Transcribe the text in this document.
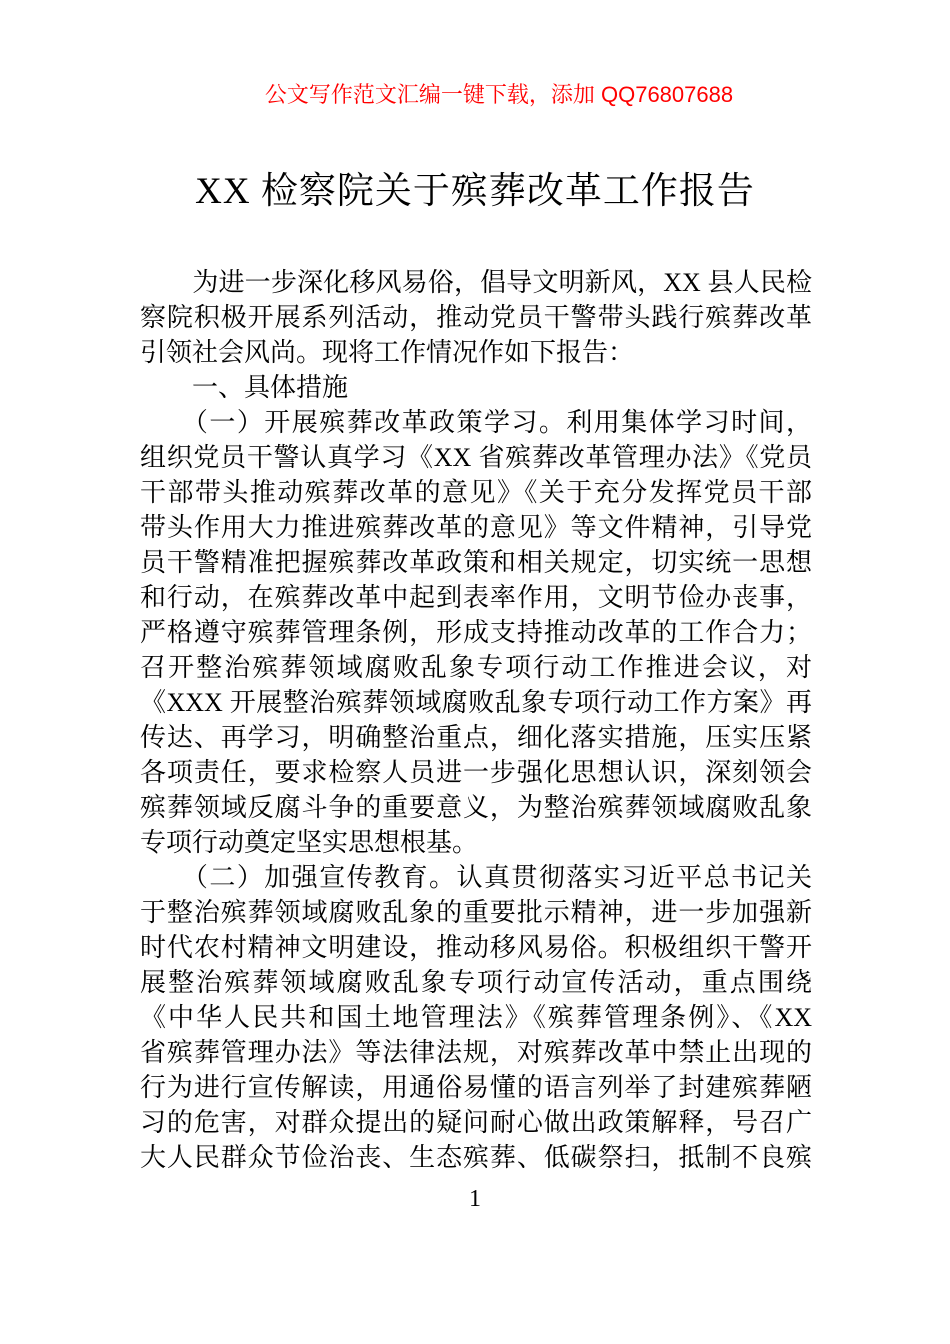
公文写作范文汇编一键下载，添加 QQ76807688
XX 检察院关于殡葬改革工作报告
　　为进一步深化移风易俗，倡导文明新风，XX 县人民检
察院积极开展系列活动，推动党员干警带头践行殡葬改革
引领社会风尚。现将工作情况作如下报告：
　　一、具体措施
　　（一）开展殡葬改革政策学习。利用集体学习时间，
组织党员干警认真学习《XX 省殡葬改革管理办法》《党员
干部带头推动殡葬改革的意见》《关于充分发挥党员干部
带头作用大力推进殡葬改革的意见》等文件精神，引导党
员干警精准把握殡葬改革政策和相关规定，切实统一思想
和行动，在殡葬改革中起到表率作用，文明节俭办丧事，
严格遵守殡葬管理条例，形成支持推动改革的工作合力；
召开整治殡葬领域腐败乱象专项行动工作推进会议，对
《XXX 开展整治殡葬领域腐败乱象专项行动工作方案》再
传达、再学习，明确整治重点，细化落实措施，压实压紧
各项责任，要求检察人员进一步强化思想认识，深刻领会
殡葬领域反腐斗争的重要意义，为整治殡葬领域腐败乱象
专项行动奠定坚实思想根基。
　　（二）加强宣传教育。认真贯彻落实习近平总书记关
于整治殡葬领域腐败乱象的重要批示精神，进一步加强新
时代农村精神文明建设，推动移风易俗。积极组织干警开
展整治殡葬领域腐败乱象专项行动宣传活动，重点围绕
《中华人民共和国土地管理法》《殡葬管理条例》、《XX
省殡葬管理办法》等法律法规，对殡葬改革中禁止出现的
行为进行宣传解读，用通俗易懂的语言列举了封建殡葬陋
习的危害，对群众提出的疑问耐心做出政策解释，号召广
大人民群众节俭治丧、生态殡葬、低碳祭扫，抵制不良殡
1
